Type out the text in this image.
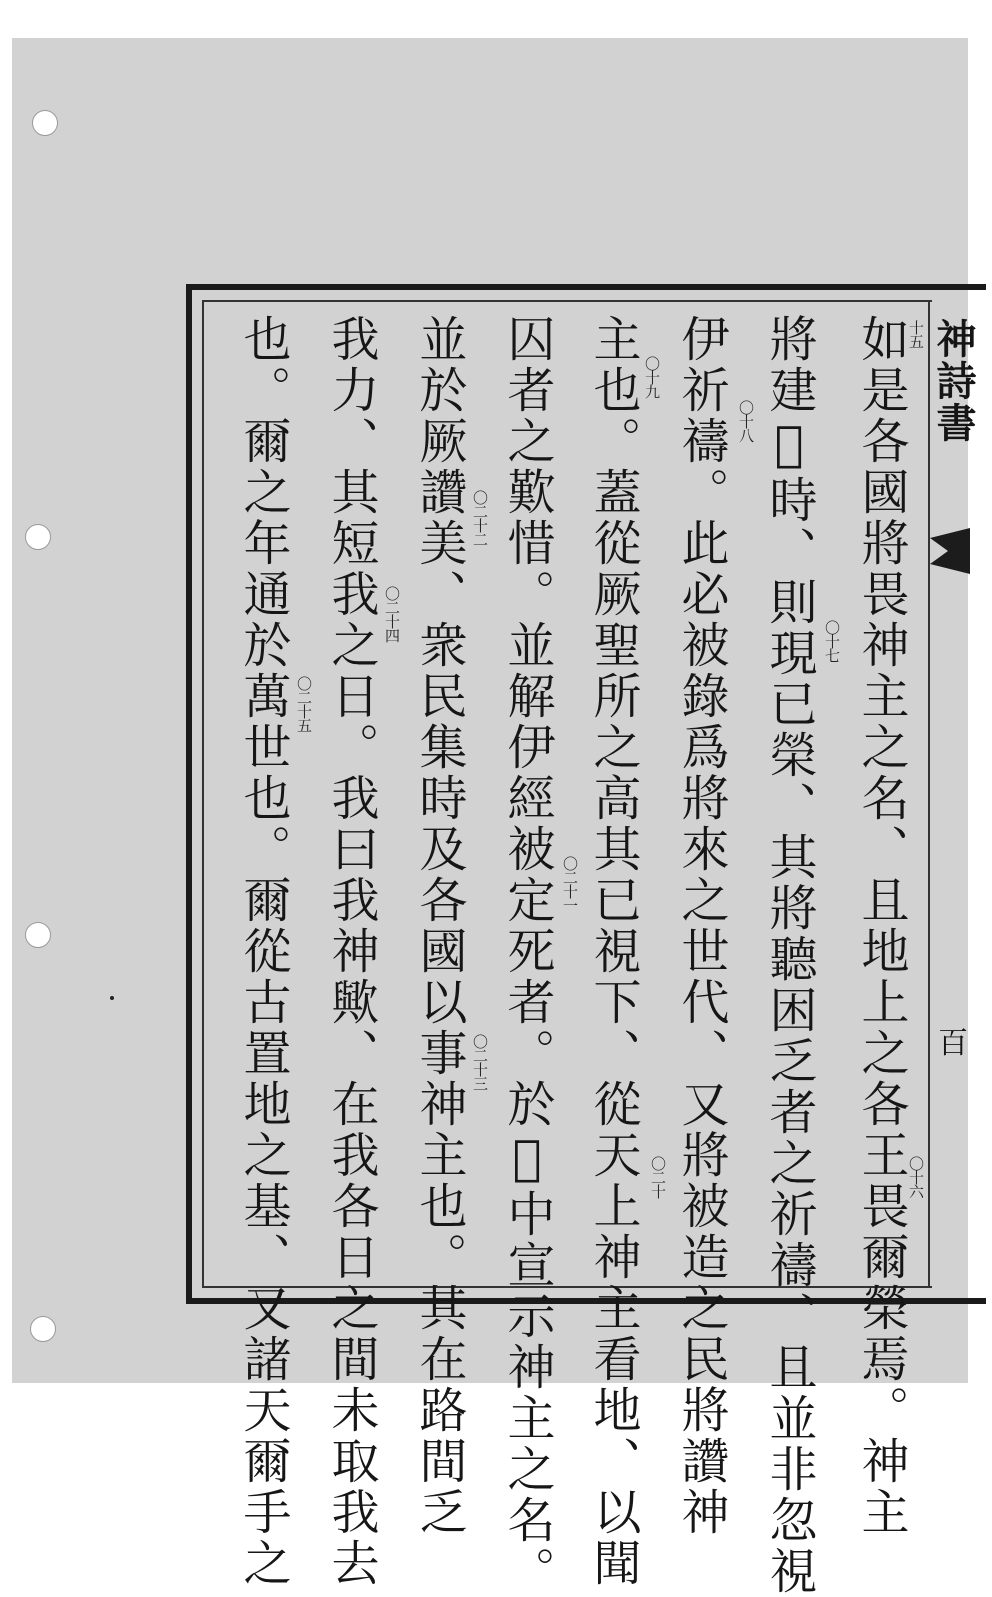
神詩書
百
如是各國將畏神主之名、且地上之各王畏爾榮焉。神主
將建𠀌時、則現已榮、其將聽困乏者之祈禱、且並非忽視
伊祈禱。此必被錄爲將來之世代、又將被造之民將讚神
主也。蓋從厥聖所之高其已視下、從天上神主看地、以聞
囚者之歎惜。並解伊經被定死者。於𠀌中宣示神主之名。
並於厥讚美、衆民集時及各國以事神主也。其在路間乏
我力、其短我之日。我曰我神歟、在我各日之間未取我去
也。爾之年通於萬世也。爾從古置地之基、又諸天爾手之	十五
〇十六
〇十七
〇十八
〇十九
〇二十
〇二十一
〇二十二
〇二十三
〇二十四
〇二十五
